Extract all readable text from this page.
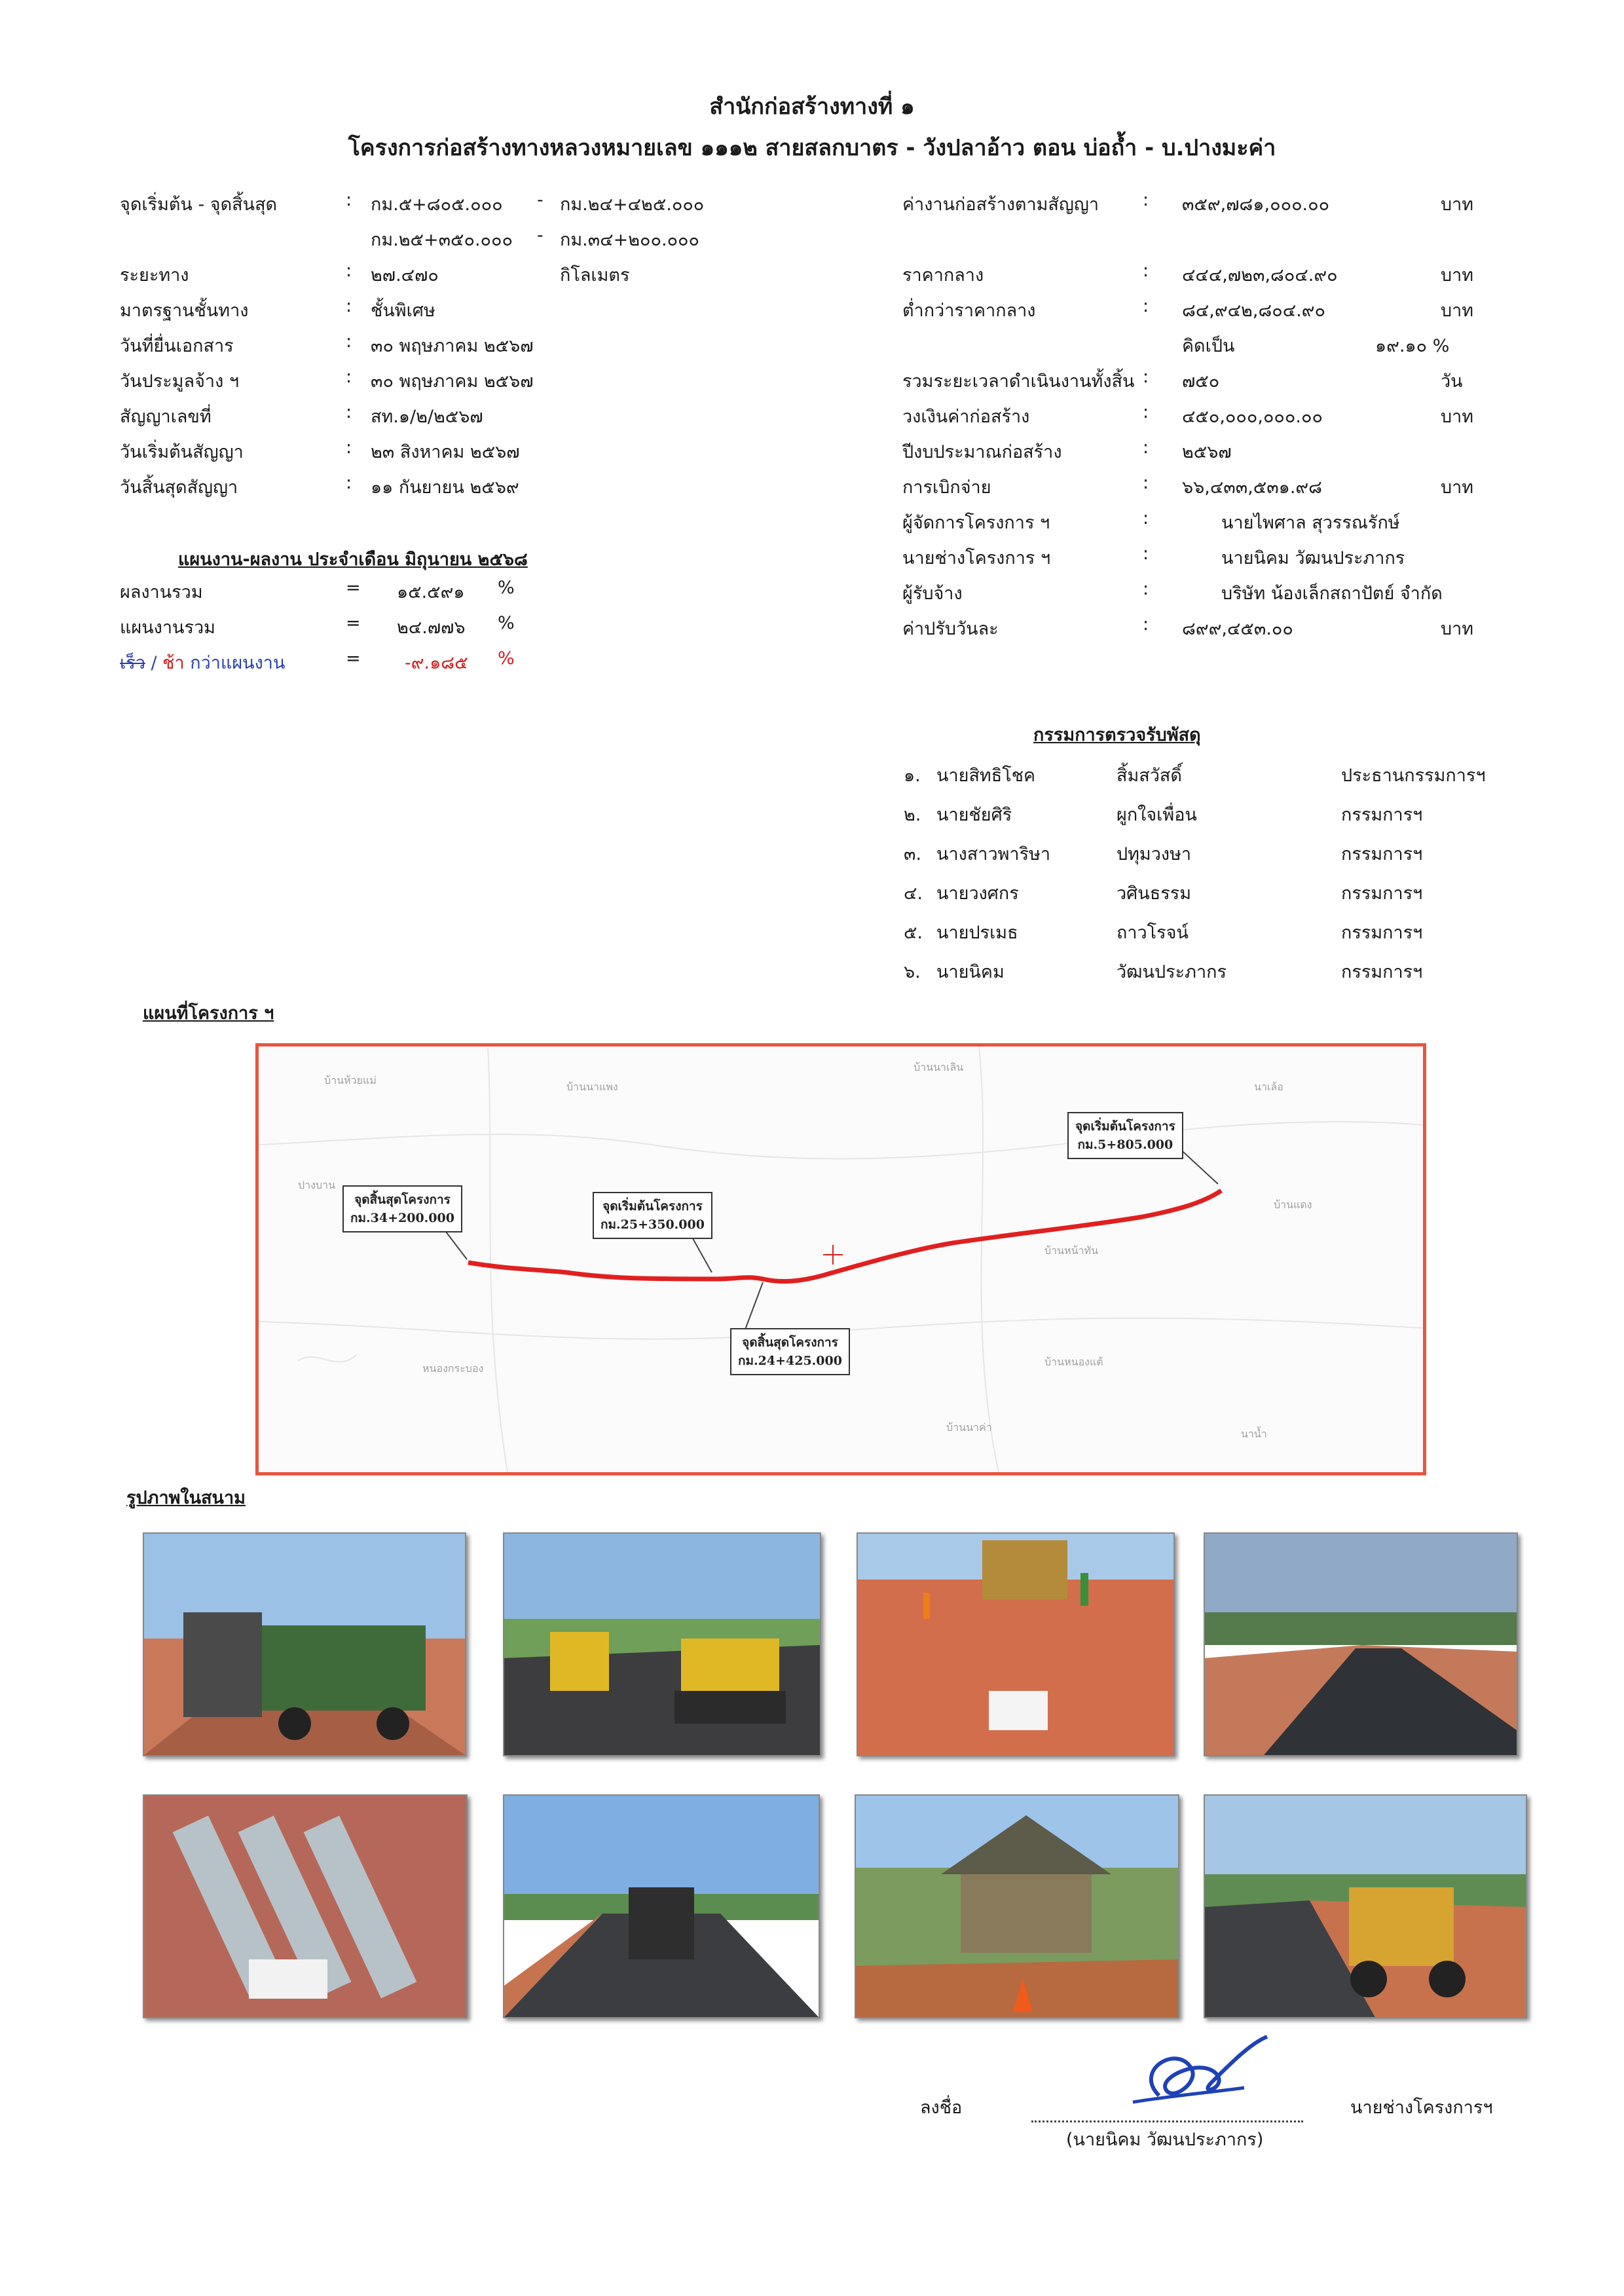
สำนักก่อสร้างทางที่ ๑
โครงการก่อสร้างทางหลวงหมายเลข ๑๑๑๒ สายสลกบาตร - วังปลาอ้าว ตอน บ่อถ้ำ - บ.ปางมะค่า
จุดเริ่มต้น - จุดสิ้นสุด	: กม.๕+๘๐๕.๐๐๐ - กม.๒๔+๔๒๕.๐๐๐
กม.๒๕+๓๕๐.๐๐๐ - กม.๓๔+๒๐๐.๐๐๐
ระยะทาง	: ๒๗.๔๗๐	กิโลเมตร
มาตรฐานชั้นทาง	: ชั้นพิเศษ
วันที่ยื่นเอกสาร	: ๓๐ พฤษภาคม ๒๕๖๗
วันประมูลจ้าง ฯ	: ๓๐ พฤษภาคม ๒๕๖๗
สัญญาเลขที่	: สท.๑/๒/๒๕๖๗
วันเริ่มต้นสัญญา	: ๒๓ สิงหาคม ๒๕๖๗
วันสิ้นสุดสัญญา	: ๑๑ กันยายน ๒๕๖๙
ค่างานก่อสร้างตามสัญญา : ๓๕๙,๗๘๑,๐๐๐.๐๐	บาท
ราคากลาง	: ๔๔๔,๗๒๓,๘๐๔.๙๐	บาท
ต่ำกว่าราคากลาง	: ๘๔,๙๔๒,๘๐๔.๙๐	บาท
คิดเป็น	๑๙.๑๐ %
รวมระยะเวลาดำเนินงานทั้งสิ้น : ๗๕๐	วัน
วงเงินค่าก่อสร้าง	: ๔๕๐,๐๐๐,๐๐๐.๐๐	บาท
ปีงบประมาณก่อสร้าง	: ๒๕๖๗
การเบิกจ่าย	: ๖๖,๔๓๓,๕๓๑.๙๘	บาท
ผู้จัดการโครงการ ฯ	:	นายไพศาล สุวรรณรักษ์
นายช่างโครงการ ฯ	:	นายนิคม วัฒนประภากร
ผู้รับจ้าง	:	บริษัท น้องเล็กสถาปัตย์ จำกัด
ค่าปรับวันละ	: ๘๙๙,๔๕๓.๐๐	บาท
แผนงาน-ผลงาน ประจำเดือน มิถุนายน ๒๕๖๘
ผลงานรวม	= ๑๕.๕๙๑ %
แผนงานรวม	= ๒๔.๗๗๖ %
เร็ว / ช้า กว่าแผนงาน	= -๙.๑๘๕ %
กรรมการตรวจรับพัสดุ
๑. นายสิทธิโชค	สิ้มสวัสดิ์	ประธานกรรมการฯ
๒. นายชัยศิริ	ผูกใจเพื่อน	กรรมการฯ
๓. นางสาวพาริษา	ปทุมวงษา	กรรมการฯ
๔. นายวงศกร	วศินธรรม	กรรมการฯ
๕. นายปรเมธ	ถาวโรจน์	กรรมการฯ
๖. นายนิคม	วัฒนประภากร	กรรมการฯ
แผนที่โครงการ ฯ
บ้านห้วยแม่
บ้านนาแพง
บ้านนาเลิน
นาเล้อ
ปางบาน
บ้านแดง
บ้านหน้าทัน
หนองกระบอง
บ้านหนองแต้
บ้านนาค่า
นาน้ำ
จุดเริ่มต้นโครงการ
กม.5+805.000
จุดสิ้นสุดโครงการ
กม.34+200.000
จุดเริ่มต้นโครงการ
กม.25+350.000
จุดสิ้นสุดโครงการ
กม.24+425.000
รูปภาพในสนาม
ลงชื่อ	นายช่างโครงการฯ
(นายนิคม วัฒนประภากร)
